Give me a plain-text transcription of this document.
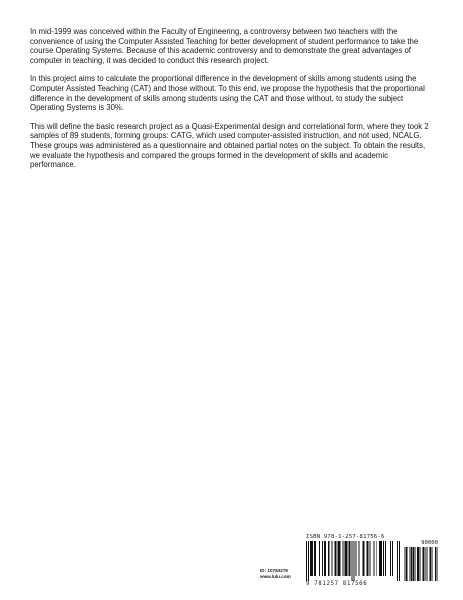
In mid-1999 was conceived within the Faculty of Engineering, a controversy between two teachers with the convenience of using the Computer Assisted Teaching for better development of student performance to take the course Operating Systems. Because of this academic controversy and to demonstrate the great advantages of computer in teaching, it was decided to conduct this research project.

In this project aims to calculate the proportional difference in the development of skills among students using the Computer Assisted Teaching (CAT) and those without. To this end, we propose the hypothesis that the proportional difference in the development of skills among students using the CAT and those without, to study the subject Operating Systems is 30%.

This will define the basic research project as a Quasi-Experimental design and correlational form, where they took 2 samples of 89 students, forming groups: CATG, which used computer-assisted instruction, and not used, NCALG. These groups was administered as a questionnaire and obtained partial notes on the subject. To obtain the results, we evaluate the hypothesis and compared the groups formed in the development of skills and academic performance.

ID: 10783279
www.lulu.com
ISBN 978-1-257-81756-6
90000
9 781257 817566
